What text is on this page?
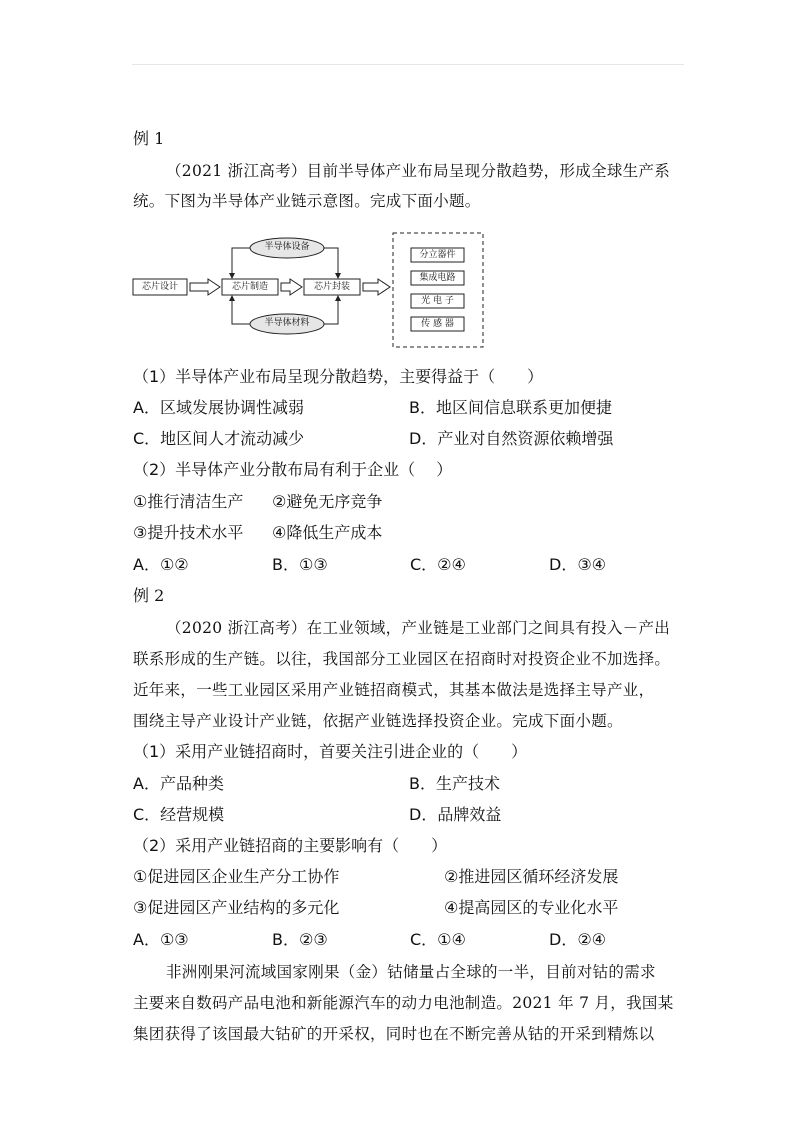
例 1
（2021 浙江高考）目前半导体产业布局呈现分散趋势，形成全球生产系
统。下图为半导体产业链示意图。完成下面小题。
芯片设计	芯片制造	芯片封装
半导体设备
半导体材料
分立器件
集成电路
光 电 子
传 感 器
（1）半导体产业布局呈现分散趋势，主要得益于（　　）
A．区域发展协调性减弱	B．地区间信息联系更加便捷
C．地区间人才流动减少	D．产业对自然资源依赖增强
（2）半导体产业分散布局有利于企业（　 ）
①推行清洁生产 ②避免无序竞争
③提升技术水平 ④降低生产成本
A．①②	B．①③	C．②④	D．③④
例 2
（2020 浙江高考）在工业领域，产业链是工业部门之间具有投入－产出
联系形成的生产链。以往，我国部分工业园区在招商时对投资企业不加选择。
近年来，一些工业园区采用产业链招商模式，其基本做法是选择主导产业，
围绕主导产业设计产业链，依据产业链选择投资企业。完成下面小题。
（1）采用产业链招商时，首要关注引进企业的（　　）
A．产品种类	B．生产技术
C．经营规模	D．品牌效益
（2）采用产业链招商的主要影响有（　　）
①促进园区企业生产分工协作	②推进园区循环经济发展
③促进园区产业结构的多元化	④提高园区的专业化水平
A．①③	B．②③	C．①④	D．②④
非洲刚果河流域国家刚果（金）钴储量占全球的一半，目前对钴的需求
主要来自数码产品电池和新能源汽车的动力电池制造。2021 年 7 月，我国某
集团获得了该国最大钴矿的开采权，同时也在不断完善从钴的开采到精炼以
